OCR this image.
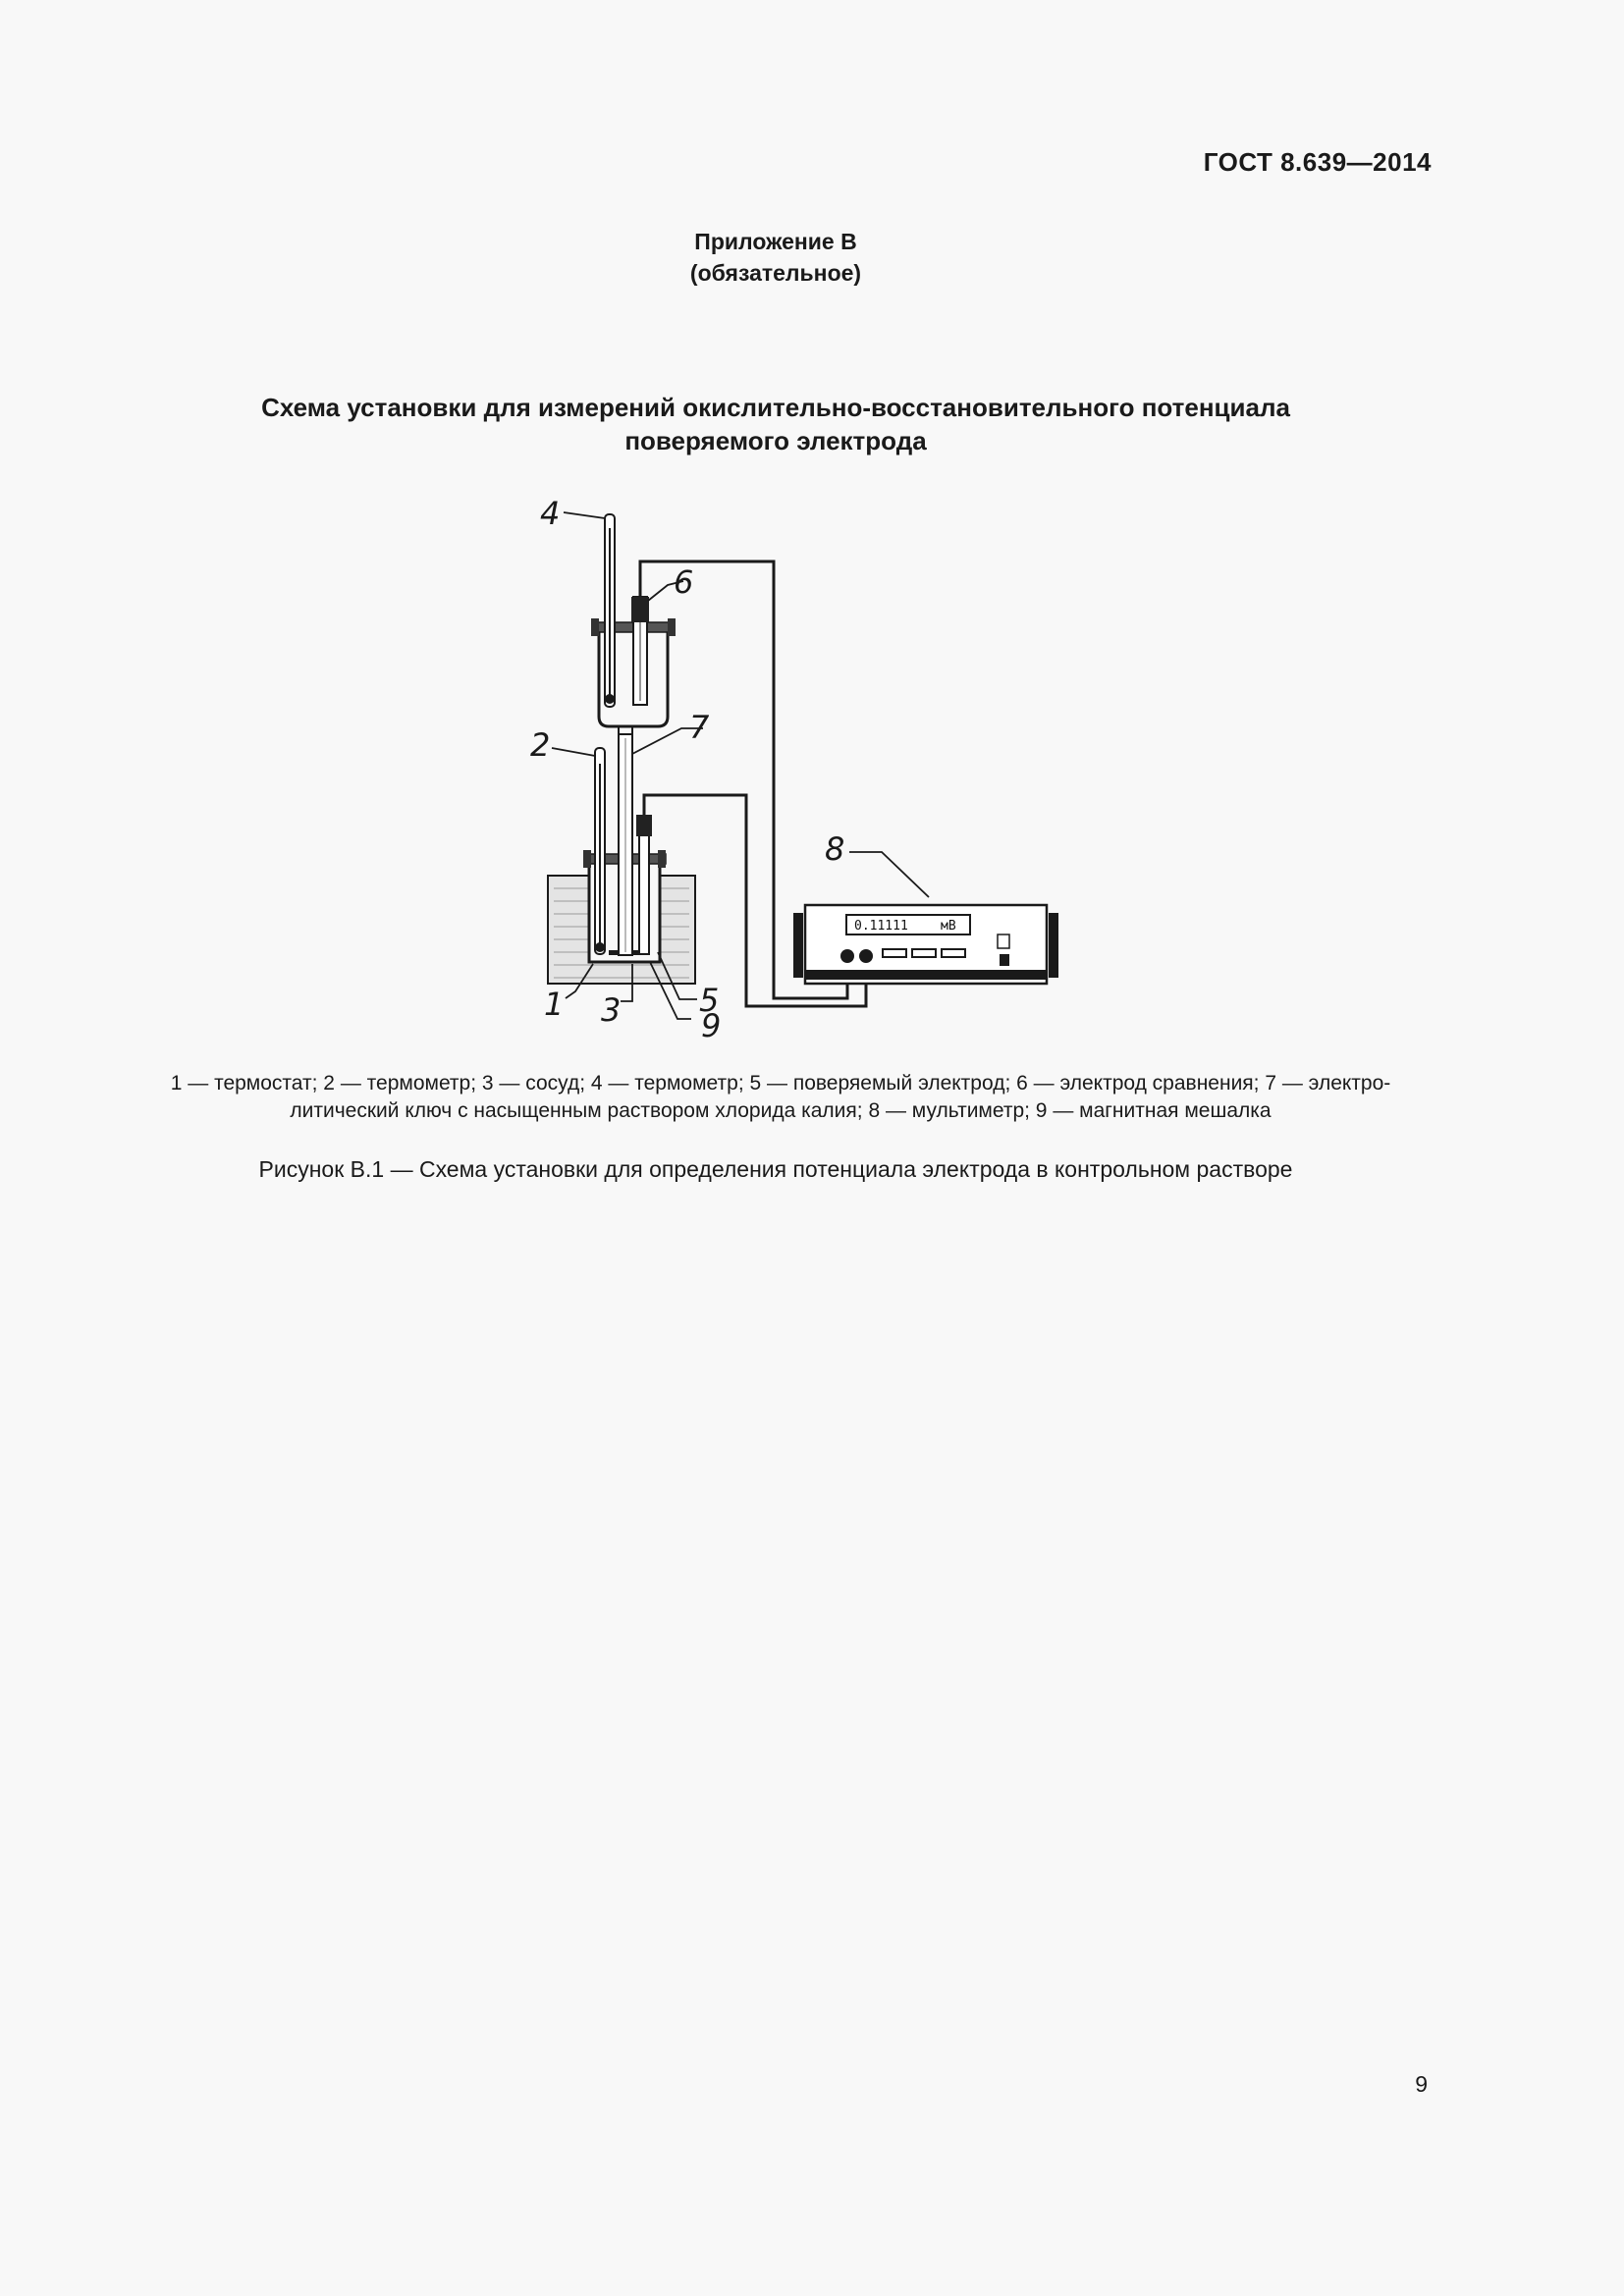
ГОСТ 8.639—2014
Приложение В
(обязательное)
Схема установки для измерений окислительно-восстановительного потенциала
поверяемого электрода
0.11111	мВ
4
6
2	7
8
1 3 5
9
1 — термостат; 2 — термометр; 3 — сосуд; 4 — термометр; 5 — поверяемый электрод; 6 — электрод сравнения; 7 — электро-
литический ключ с насыщенным раствором хлорида калия; 8 — мультиметр; 9 — магнитная мешалка
Рисунок В.1 — Схема установки для определения потенциала электрода в контрольном растворе
9
